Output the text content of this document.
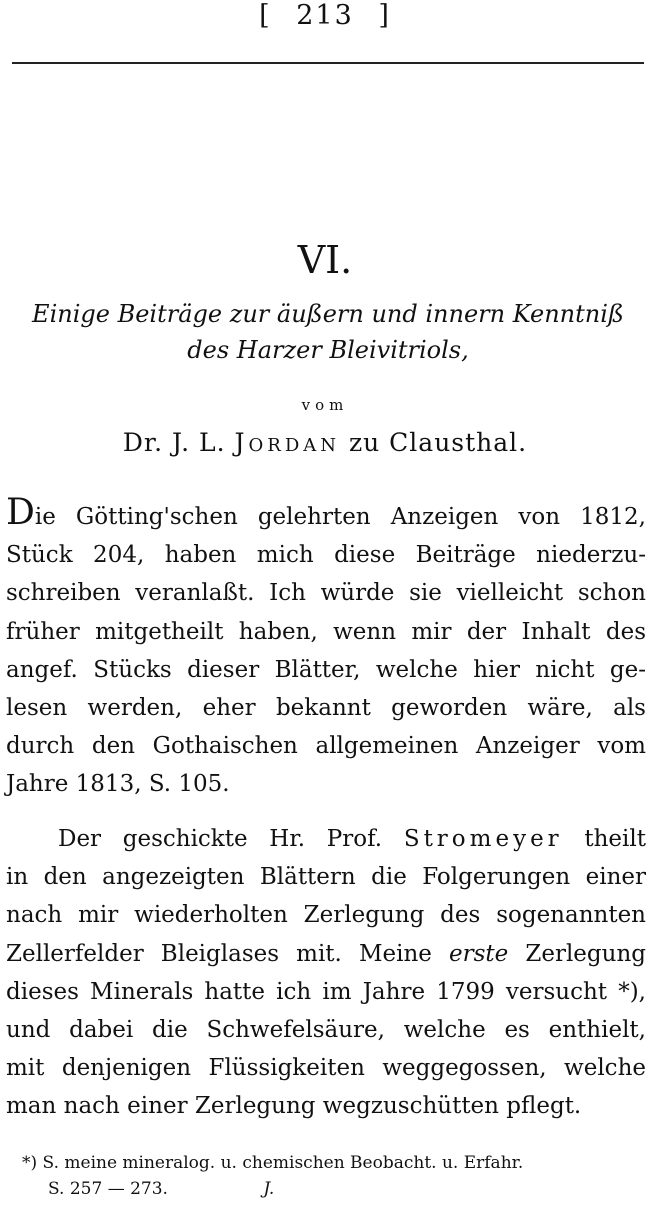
[ 213 ]
VI.
Einige Beiträge zur äußern und innern Kenntniß
des Harzer Bleivitriols,
vom
Dr. J. L. Jordan zu Clausthal.
Die Götting'schen gelehrten Anzeigen von 1812,
Stück 204, haben mich diese Beiträge niederzu-
schreiben veranlaßt. Ich würde sie vielleicht schon
früher mitgetheilt haben, wenn mir der Inhalt des
angef. Stücks dieser Blätter, welche hier nicht ge-
lesen werden, eher bekannt geworden wäre, als
durch den Gothaischen allgemeinen Anzeiger vom
Jahre 1813, S. 105.
Der geschickte Hr. Prof. Stromeyer theilt
in den angezeigten Blättern die Folgerungen einer
nach mir wiederholten Zerlegung des sogenannten
Zellerfelder Bleiglases mit. Meine erste Zerlegung
dieses Minerals hatte ich im Jahre 1799 versucht *),
und dabei die Schwefelsäure, welche es enthielt,
mit denjenigen Flüssigkeiten weggegossen, welche
man nach einer Zerlegung wegzuschütten pflegt.
*) S. meine mineralog. u. chemischen Beobacht. u. Erfahr.
S. 257 — 273.	J.
